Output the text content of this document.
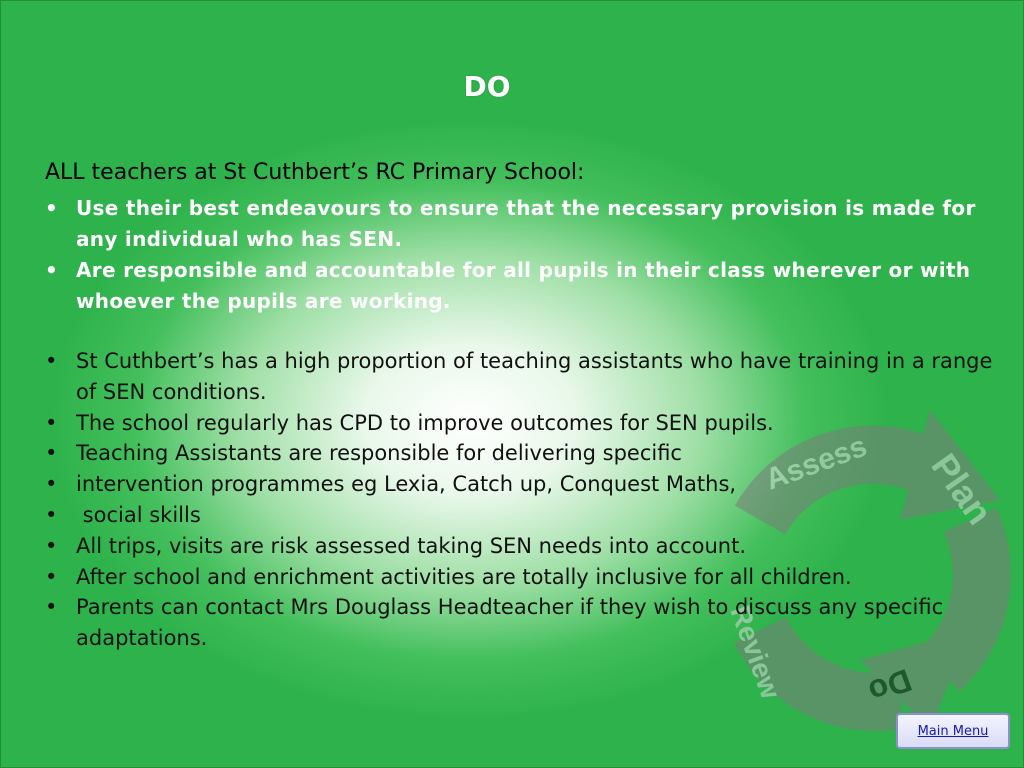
Assess Plan
Do
Review
DO
ALL teachers at St Cuthbert’s RC Primary School:
• Use their best endeavours to ensure that the necessary provision is made for any individual who has SEN.
• Are responsible and accountable for all pupils in their class wherever or with whoever the pupils are working.
• St Cuthbert’s has a high proportion of teaching assistants who have training in a range of SEN conditions.
• The school regularly has CPD to improve outcomes for SEN pupils.
• Teaching Assistants are responsible for delivering specific
• intervention programmes eg Lexia, Catch up, Conquest Maths,
•  social skills
• All trips, visits are risk assessed taking SEN needs into account.
• After school and enrichment activities are totally inclusive for all children.
• Parents can contact Mrs Douglass Headteacher if they wish to discuss any specific adaptations.
Main Menu
